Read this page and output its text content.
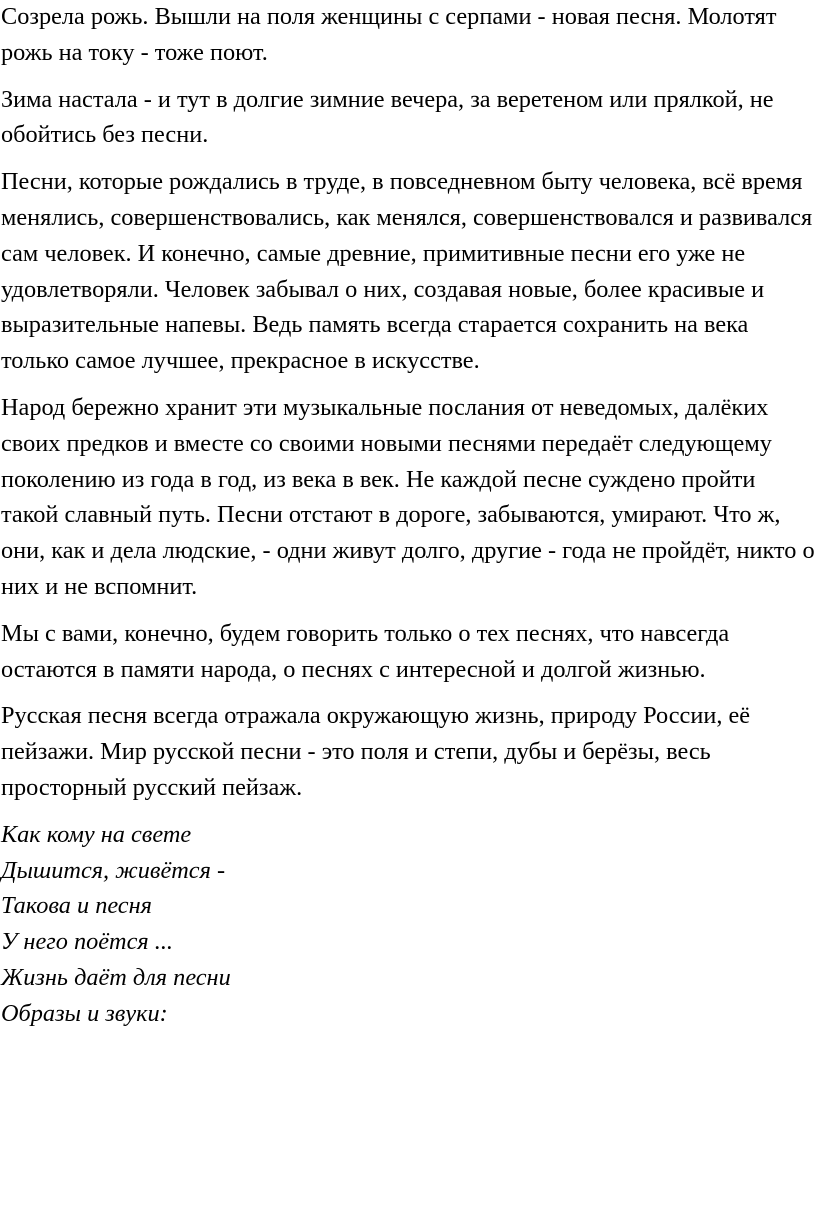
Созрела рожь. Вышли на поля женщины с серпами - новая песня. Молотят рожь на току - тоже поют.

Зима настала - и тут в долгие зимние вечера, за веретеном или прялкой, не обойтись без песни.

Песни, которые рождались в труде, в повседневном быту человека, всё время менялись, совершенствовались, как менялся, совершенствовался и развивался сам человек. И конечно, самые древние, примитивные песни его уже не удовлетворяли. Человек забывал о них, создавая новые, более красивые и выразительные напевы. Ведь память всегда старается сохранить на века только самое лучшее, прекрасное в искусстве.

Народ бережно хранит эти музыкальные послания от неведомых, далёких своих предков и вместе со своими новыми песнями передаёт следующему поколению из года в год, из века в век. Не каждой песне суждено пройти такой славный путь. Песни отстают в дороге, забываются, умирают. Что ж, они, как и дела людские, - одни живут долго, другие - года не пройдёт, никто о них и не вспомнит.

Мы с вами, конечно, будем говорить только о тех песнях, что навсегда остаются в памяти народа, о песнях с интересной и долгой жизнью.

Русская песня всегда отражала окружающую жизнь, природу России, её пейзажи. Мир русской песни - это поля и степи, дубы и берёзы, весь просторный русский пейзаж.

Как кому на свете
Дышится, живётся -
Такова и песня
У него поётся ...
Жизнь даёт для песни
Образы и звуки:
